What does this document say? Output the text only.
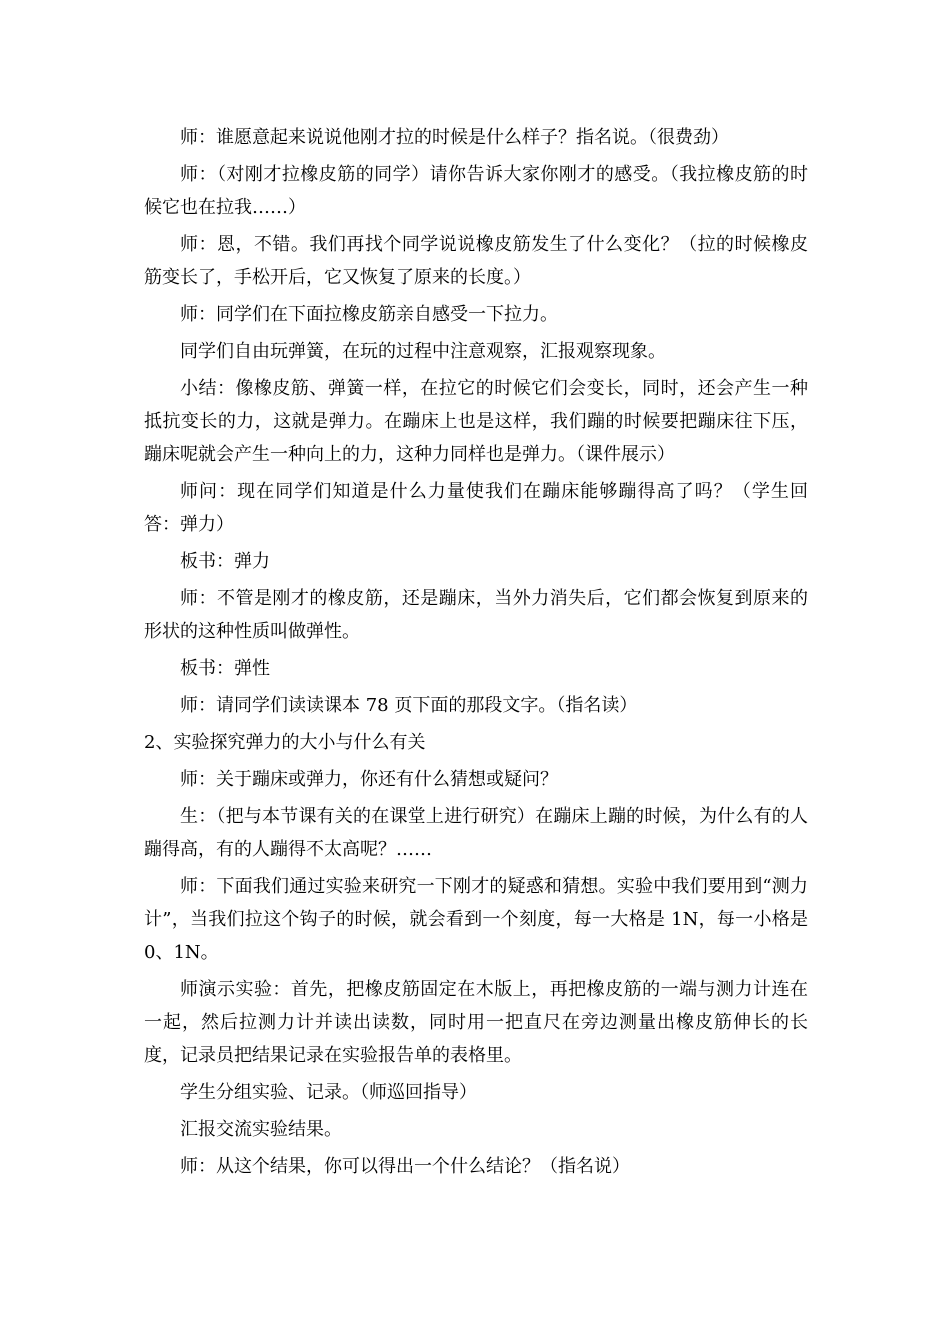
师：谁愿意起来说说他刚才拉的时候是什么样子？指名说。（很费劲）

师：（对刚才拉橡皮筋的同学）请你告诉大家你刚才的感受。（我拉橡皮筋的时候它也在拉我……）

师：恩，不错。我们再找个同学说说橡皮筋发生了什么变化？（拉的时候橡皮筋变长了，手松开后，它又恢复了原来的长度。）

师：同学们在下面拉橡皮筋亲自感受一下拉力。

同学们自由玩弹簧，在玩的过程中注意观察，汇报观察现象。

小结：像橡皮筋、弹簧一样，在拉它的时候它们会变长，同时，还会产生一种抵抗变长的力，这就是弹力。在蹦床上也是这样，我们蹦的时候要把蹦床往下压，蹦床呢就会产生一种向上的力，这种力同样也是弹力。（课件展示）

师问：现在同学们知道是什么力量使我们在蹦床能够蹦得高了吗？（学生回答：弹力）

板书：弹力

师：不管是刚才的橡皮筋，还是蹦床，当外力消失后，它们都会恢复到原来的形状的这种性质叫做弹性。

板书：弹性

师：请同学们读读课本 78 页下面的那段文字。（指名读）

2、实验探究弹力的大小与什么有关

师：关于蹦床或弹力，你还有什么猜想或疑问？

生：（把与本节课有关的在课堂上进行研究）在蹦床上蹦的时候，为什么有的人蹦得高，有的人蹦得不太高呢？……

师：下面我们通过实验来研究一下刚才的疑惑和猜想。实验中我们要用到“测力计”，当我们拉这个钩子的时候，就会看到一个刻度，每一大格是 1N，每一小格是 0、1N。

师演示实验：首先，把橡皮筋固定在木版上，再把橡皮筋的一端与测力计连在一起，然后拉测力计并读出读数，同时用一把直尺在旁边测量出橡皮筋伸长的长度，记录员把结果记录在实验报告单的表格里。

学生分组实验、记录。（师巡回指导）

汇报交流实验结果。

师：从这个结果，你可以得出一个什么结论？（指名说）
